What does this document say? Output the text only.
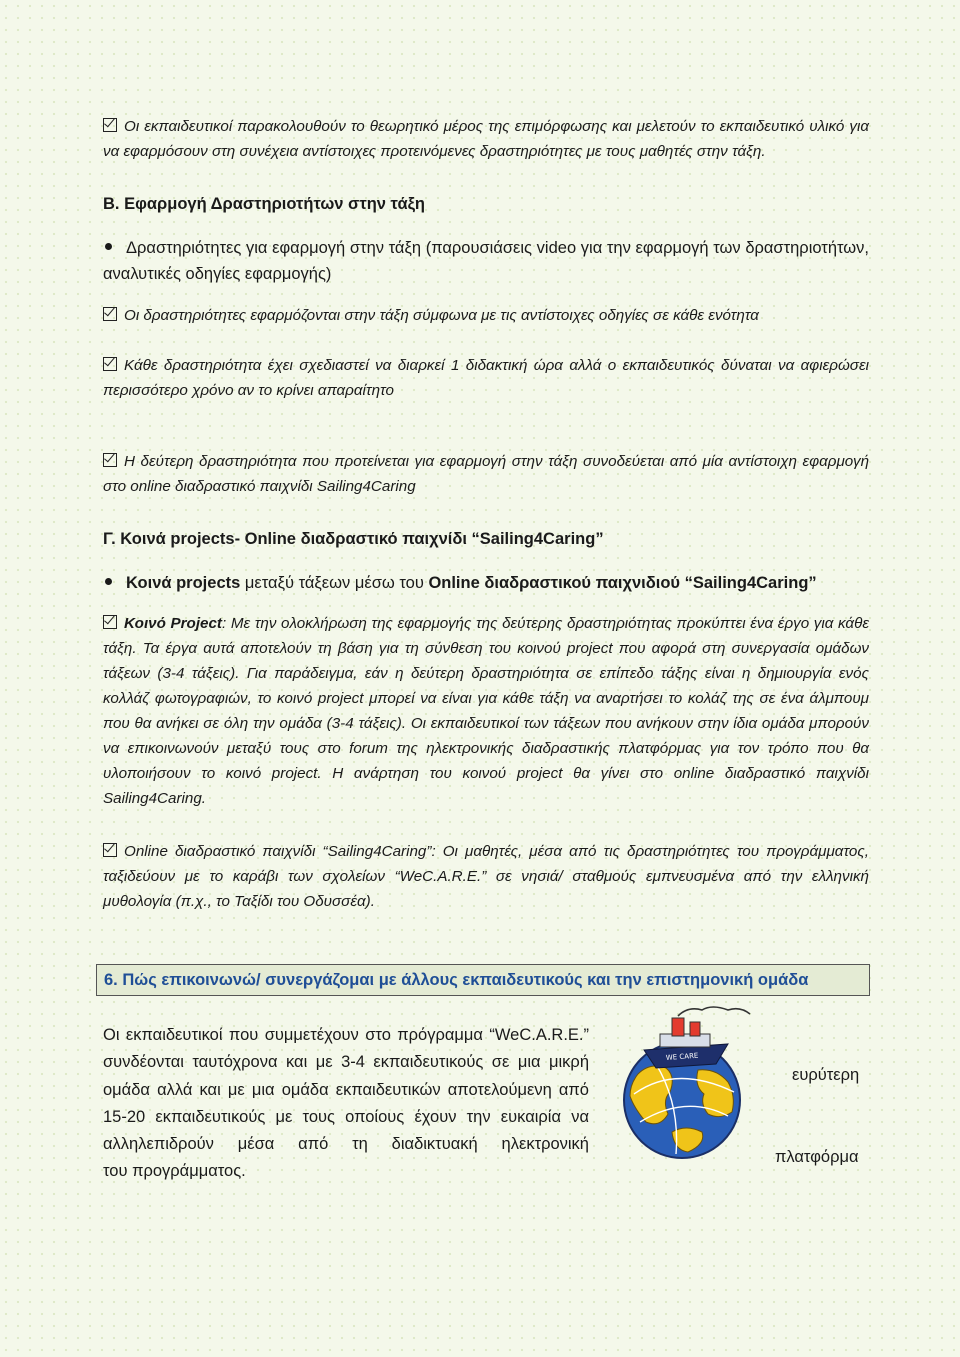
Οι εκπαιδευτικοί παρακολουθούν το θεωρητικό μέρος της επιμόρφωσης και μελετούν το εκπαιδευτικό υλικό για να εφαρμόσουν στη συνέχεια αντίστοιχες προτεινόμενες δραστηριότητες με τους μαθητές στην τάξη.

Β. Εφαρμογή Δραστηριοτήτων στην τάξη

Δραστηριότητες για εφαρμογή στην τάξη (παρουσιάσεις video για την εφαρμογή των δραστηριοτήτων, αναλυτικές οδηγίες εφαρμογής)

Οι δραστηριότητες εφαρμόζονται στην τάξη σύμφωνα με τις αντίστοιχες οδηγίες σε κάθε ενότητα

Κάθε δραστηριότητα έχει σχεδιαστεί να διαρκεί 1 διδακτική ώρα αλλά ο εκπαιδευτικός δύναται να αφιερώσει περισσότερο χρόνο αν το κρίνει απαραίτητο

Η δεύτερη δραστηριότητα που προτείνεται για εφαρμογή στην τάξη συνοδεύεται από μία αντίστοιχη εφαρμογή στο online διαδραστικό παιχνίδι Sailing4Caring

Γ. Κοινά projects- Online διαδραστικό παιχνίδι “Sailing4Caring”

Κοινά projects μεταξύ τάξεων μέσω του Online διαδραστικού παιχνιδιού “Sailing4Caring”

Κοινό Project: Με την ολοκλήρωση της εφαρμογής της δεύτερης δραστηριότητας προκύπτει ένα έργο για κάθε τάξη. Τα έργα αυτά αποτελούν τη βάση για τη σύνθεση του κοινού project που αφορά στη συνεργασία ομάδων τάξεων (3-4 τάξεις). Για παράδειγμα, εάν η δεύτερη δραστηριότητα σε επίπεδο τάξης είναι η δημιουργία ενός κολλάζ φωτογραφιών, το κοινό project μπορεί να είναι για κάθε τάξη να αναρτήσει το κολάζ της σε ένα άλμπουμ που θα ανήκει σε όλη την ομάδα (3-4 τάξεις). Οι εκπαιδευτικοί των τάξεων που ανήκουν στην ίδια ομάδα μπορούν να επικοινωνούν μεταξύ τους στο forum της ηλεκτρονικής διαδραστικής πλατφόρμας για τον τρόπο που θα υλοποιήσουν το κοινό project. Η ανάρτηση του κοινού project θα γίνει στο online διαδραστικό παιχνίδι Sailing4Caring.

Online διαδραστικό παιχνίδι “Sailing4Caring”: Οι μαθητές, μέσα από τις δραστηριότητες του προγράμματος, ταξιδεύουν με το καράβι των σχολείων “WeC.A.R.E.” σε νησιά/ σταθμούς εμπνευσμένα από την ελληνική μυθολογία (π.χ., το Ταξίδι του Οδυσσέα).

6. Πώς επικοινωνώ/ συνεργάζομαι με άλλους εκπαιδευτικούς και την επιστημονική ομάδα
Οι εκπαιδευτικοί που συμμετέχουν στο πρόγραμμα “WeC.A.R.E.” συνδέονται ταυτόχρονα και με 3-4 εκπαιδευτικούς σε μια μικρή ομάδα αλλά και με μια ομάδα εκπαιδευτικών αποτελούμενη από 15-20 εκπαιδευτικούς με τους οποίους έχουν την ευκαιρία να αλληλεπιδρούν μέσα από τη διαδικτυακή ηλεκτρονική
του προγράμματος.
ευρύτερη
πλατφόρμα
WE CARE
